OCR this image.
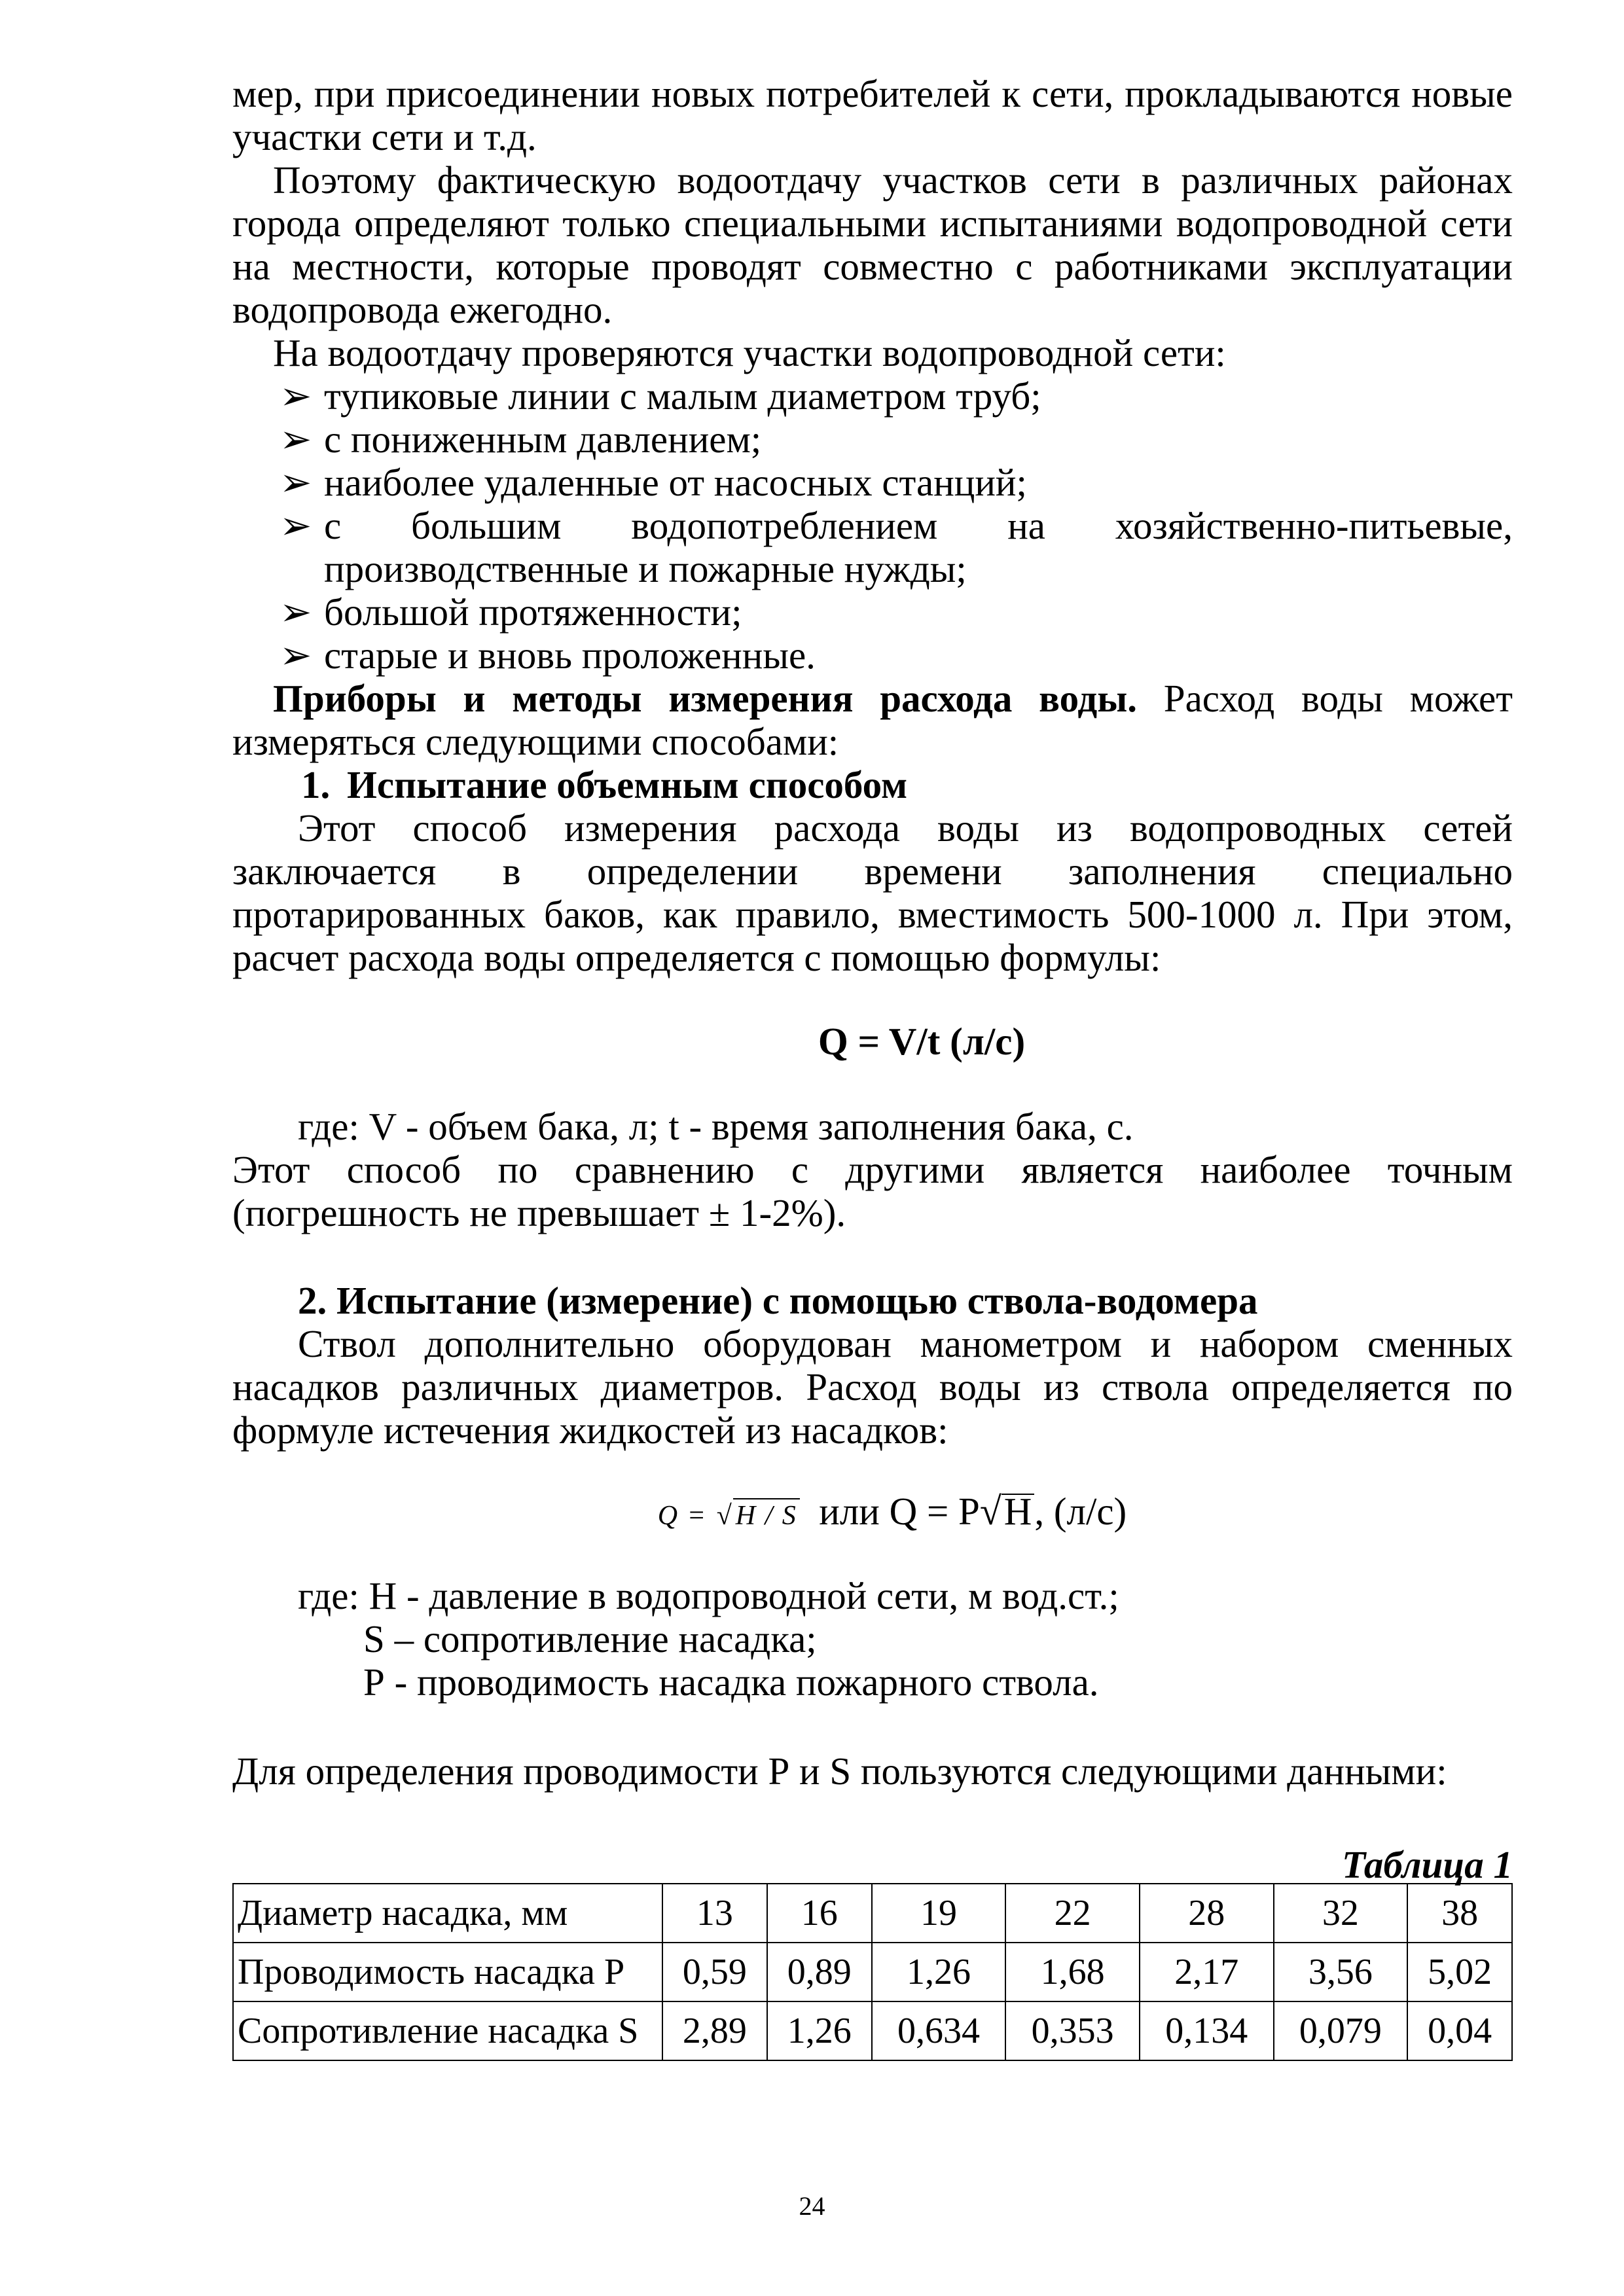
мер, при присоединении новых потребителей к сети, прокладываются новые участки сети и т.д.

Поэтому фактическую водоотдачу участков сети в различных районах города определяют только специальными испытаниями водопроводной сети на местности, которые проводят совместно с работниками эксплуатации водопровода ежегодно.

На водоотдачу проверяются участки водопроводной сети:

➢ тупиковые линии с малым диаметром труб;
➢ с пониженным давлением;
➢ наиболее удаленные от насосных станций;
➢ с большим водопотреблением на хозяйственно-питьевые, производственные и пожарные нужды;
➢ большой протяженности;
➢ старые и вновь проложенные.

Приборы и методы измерения расхода воды. Расход воды может измеряться следующими способами:

1. Испытание объемным способом

Этот способ измерения расхода воды из водопроводных сетей заключается в определении времени заполнения специально протарированных баков, как правило, вместимость 500-1000 л. При этом, расчет расхода воды определяется с помощью формулы:

Q = V/t (л/с)

где: V - объем бака, л; t - время заполнения бака, с.

Этот способ по сравнению с другими является наиболее точным (погрешность не превышает ± 1-2%).

2. Испытание (измерение) с помощью ствола-водомера

Ствол дополнительно оборудован манометром и набором сменных насадков различных диаметров. Расход воды из ствола определяется по формуле истечения жидкостей из насадков:

Q = √H / S или Q = P√H, (л/с)

где: Н - давление в водопроводной сети, м вод.ст.;

S – сопротивление насадка;

Р - проводимость насадка пожарного ствола.

Для определения проводимости Р и S пользуются следующими данными:

Таблица 1

Диаметр насадка, мм	13	16	19	22	28	32	38
Проводимость насадка Р	0,59	0,89	1,26	1,68	2,17	3,56	5,02
Сопротивление насадка S	2,89	1,26	0,634	0,353	0,134	0,079	0,04
24
